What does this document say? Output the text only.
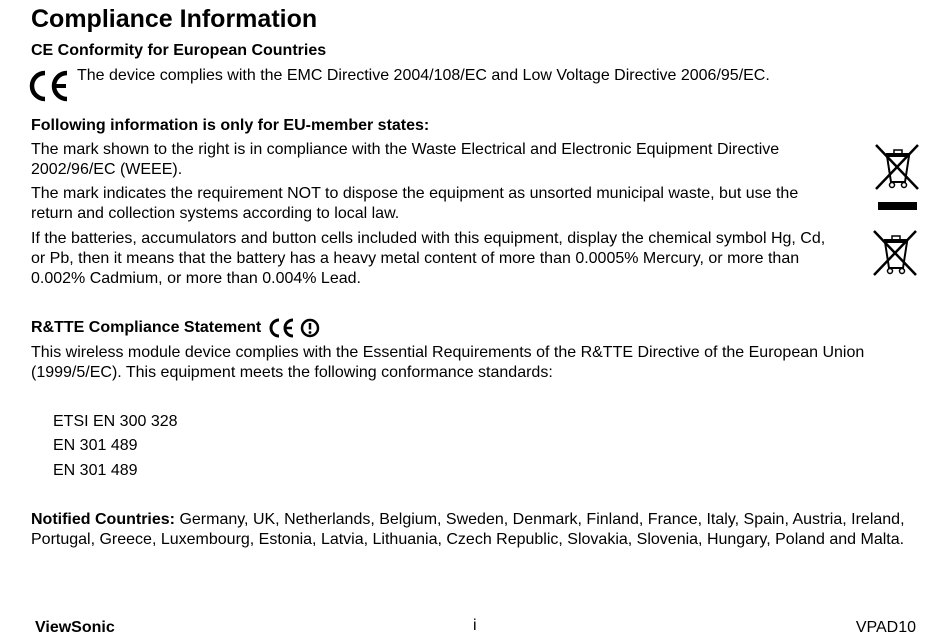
Compliance Information

CE Conformity for European Countries

The device complies with the EMC Directive 2004/108/EC and Low Voltage Directive 2006/95/EC.

Following information is only for EU-member states:

The mark shown to the right is in compliance with the Waste Electrical and Electronic Equipment Directive 2002/96/EC (WEEE).

The mark indicates the requirement NOT to dispose the equipment as unsorted municipal waste, but use the return and collection systems according to local law.

If the batteries, accumulators and button cells included with this equipment, display the chemical symbol Hg, Cd, or Pb, then it means that the battery has a heavy metal content of more than 0.0005% Mercury, or more than 0.002% Cadmium, or more than 0.004% Lead.

R&TTE Compliance Statement

This wireless module device complies with the Essential Requirements of the R&TTE Directive of the European Union (1999/5/EC). This equipment meets the following conformance standards:

ETSI EN 300 328

EN 301 489

EN 301 489

Notified Countries: Germany, UK, Netherlands, Belgium, Sweden, Denmark, Finland, France, Italy, Spain, Austria, Ireland, Portugal, Greece, Luxembourg, Estonia, Latvia, Lithuania, Czech Republic, Slovakia, Slovenia, Hungary, Poland and Malta.

ViewSonic	i	VPAD10
